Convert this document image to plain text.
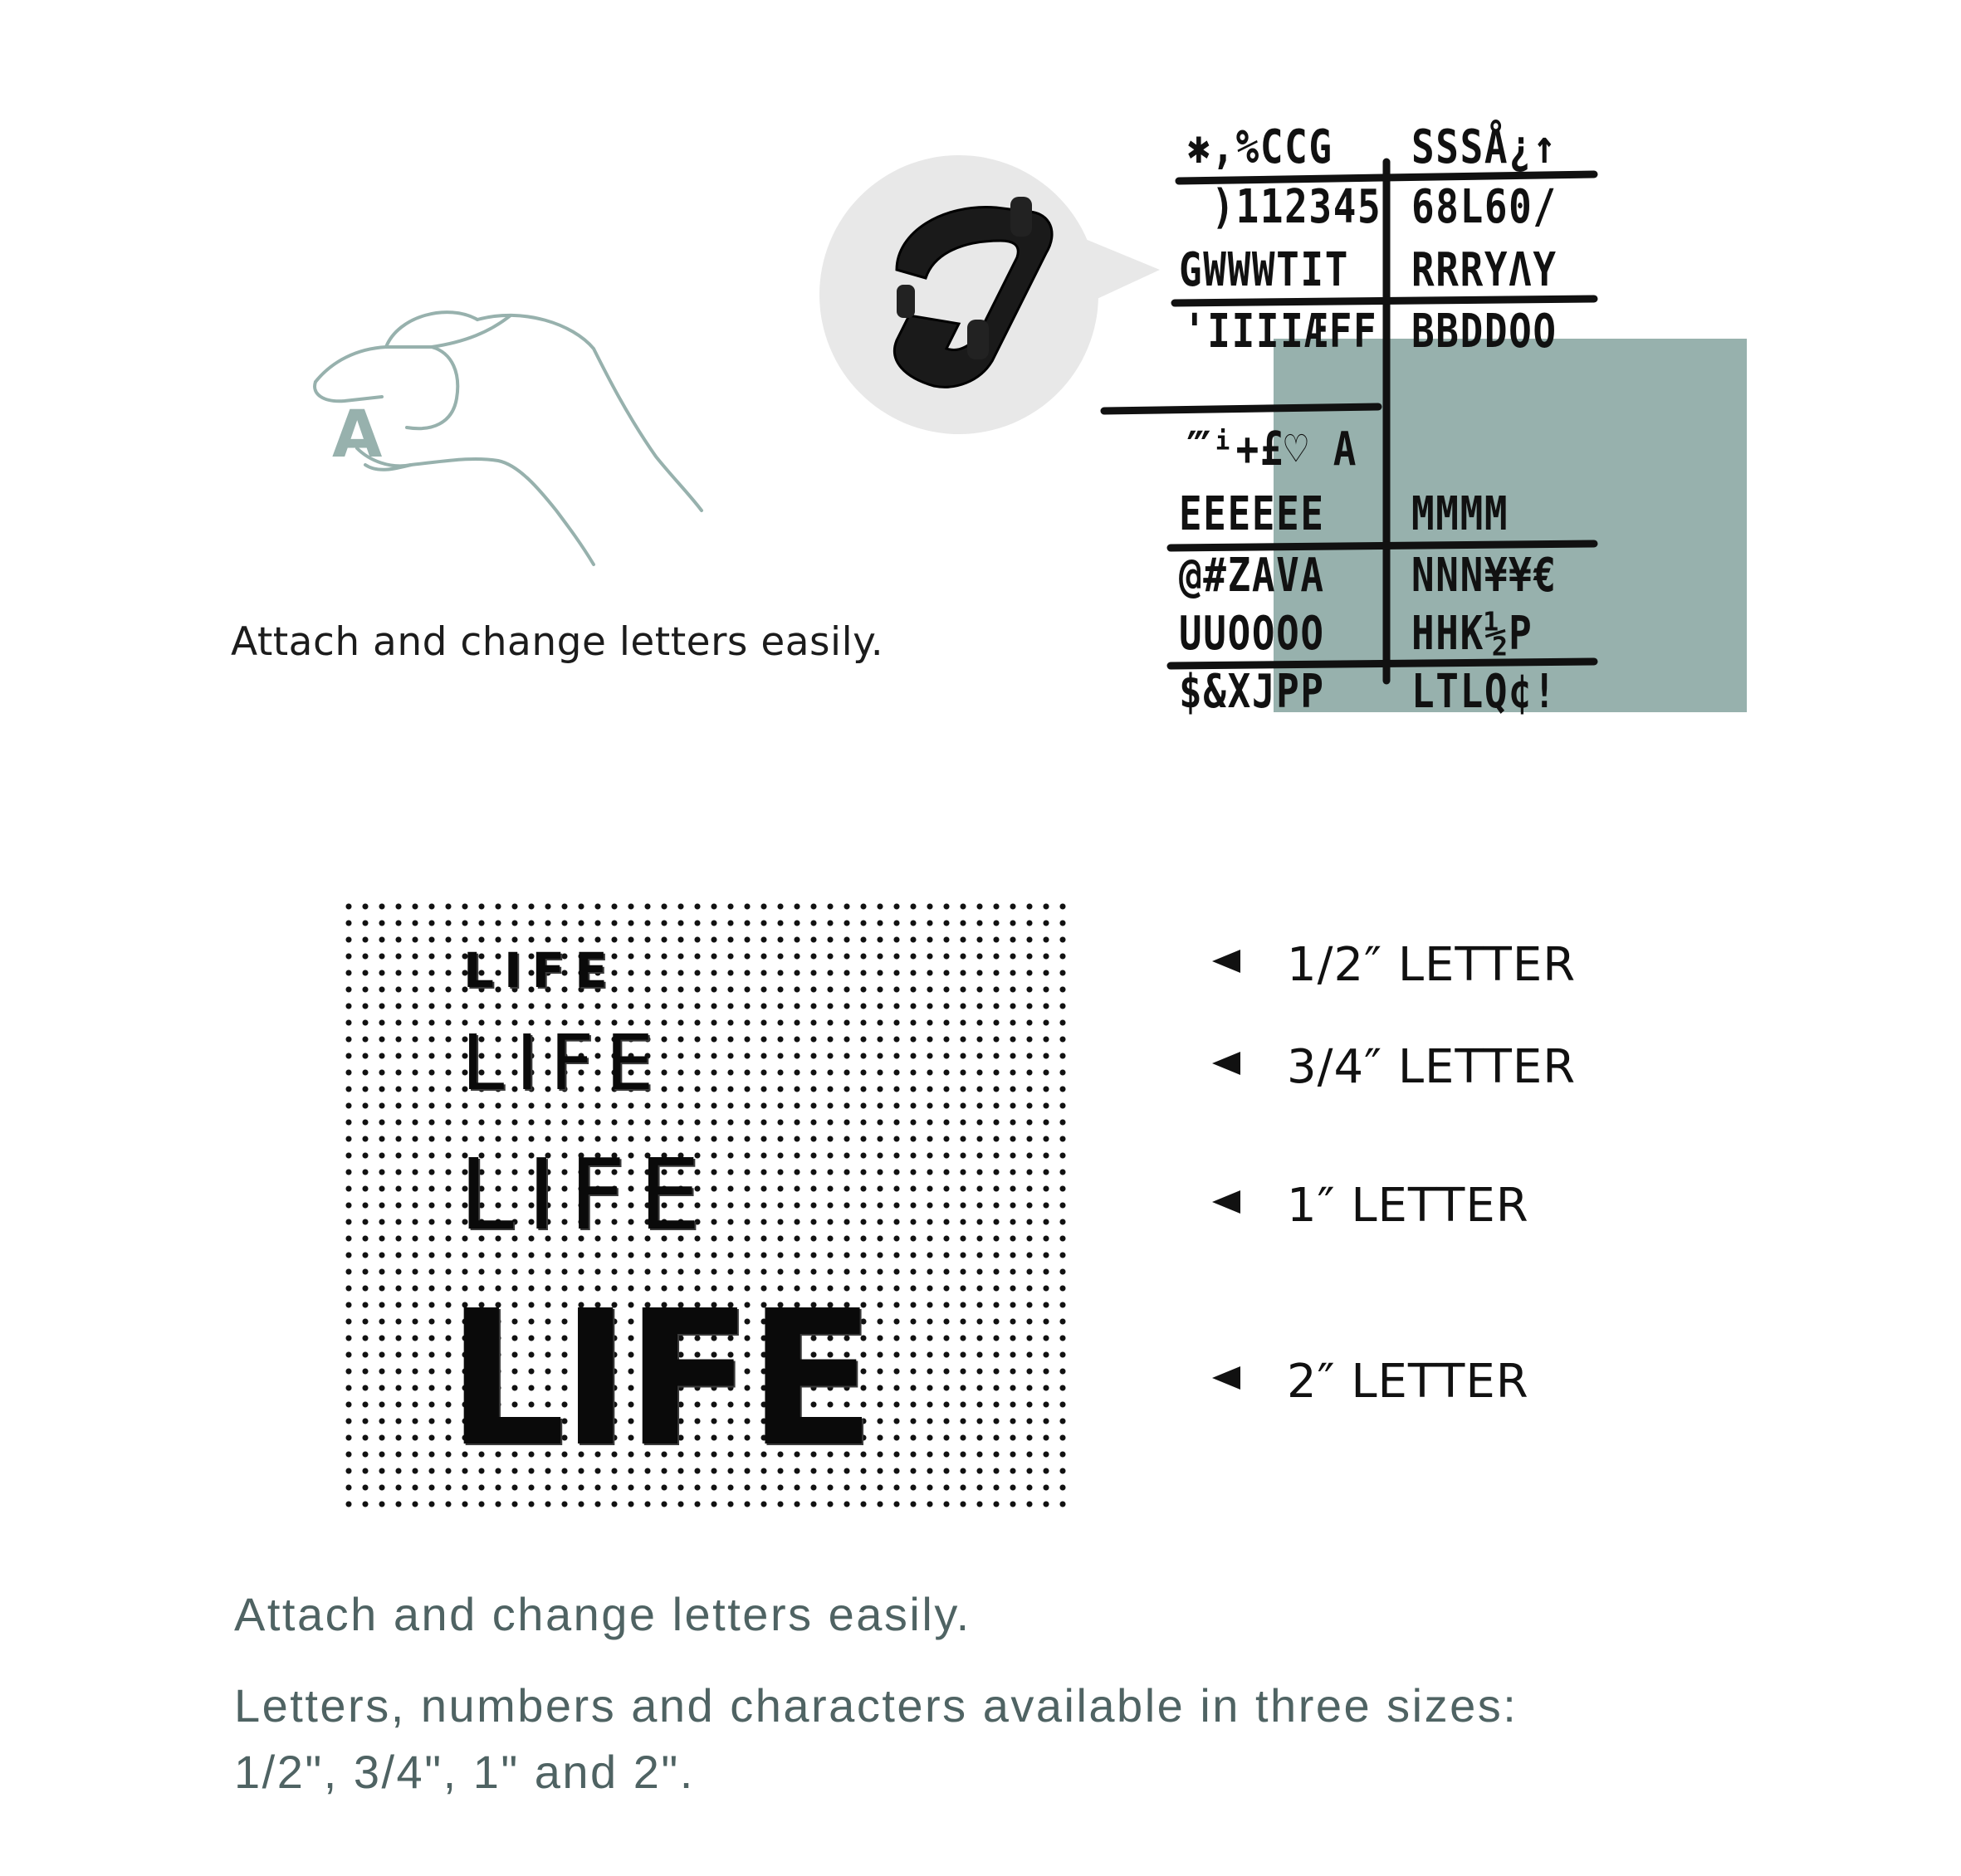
Attach and change letters easily.
A
✱,%CCG
 )112345
GWWWTIT
'IIIIÆFF
‴ⁱ+£♡ A
EEEEEE
@#ZAVA
UUOOOO
$&XJPP
SSSÅ¿↑
68L60/
RRRYΛY
BBDDOO
MMMM
NNN¥¥€
HHK½P
LTLQ¢!
LIFE
LIFE
LIFE
LIFE
1/2″ LETTER
3/4″ LETTER
1″ LETTER
2″ LETTER
Attach and change letters easily.
Letters, numbers and characters available in three sizes:
1/2", 3/4", 1" and 2".
